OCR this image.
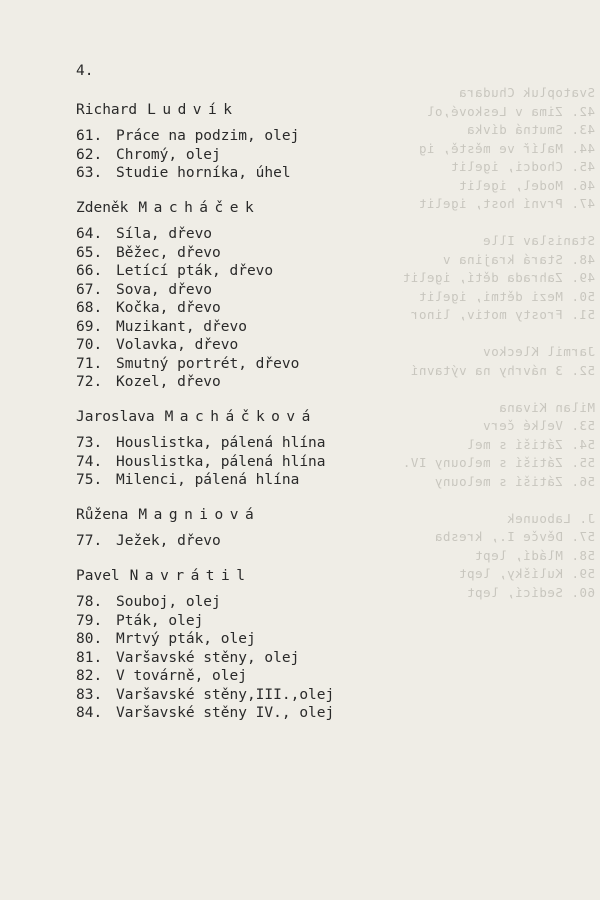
Svatopluk Chudara
42. Zima v Leskové,ol
43. Smutná dívka
44. Malíř ve městě, ig
45. Chodci, igelit
46. Model, igelit
47. První host, igelit

Stanislav Ille
48. Stará krajina v
49. Zahrada dětí, igelit
50. Mezi dětmi, igelit
51. Frosty motiv, linor

Jarmil Kleckov
52. 3 návrhy na výtavní

Milan Kivana
53. Velké červ
54. Zátiší s mel
55. Zátiší s melouny IV.
56. Zátiší s melouny

J. Labounek
57. Děvče I., kresba
58. Mládí, lept
59. Kulíšky, lept
60. Sedící, lept
4.

Richard Ludvík

61. Práce na podzim, olej
62. Chromý, olej
63. Studie horníka, úhel

Zdeněk Macháček

64. Síla, dřevo
65. Běžec, dřevo
66. Letící pták, dřevo
67. Sova, dřevo
68. Kočka, dřevo
69. Muzikant, dřevo
70. Volavka, dřevo
71. Smutný portrét, dřevo
72. Kozel, dřevo

Jaroslava Macháčková

73. Houslistka, pálená hlína
74. Houslistka, pálená hlína
75. Milenci, pálená hlína

Růžena Magniová

77. Ježek, dřevo

Pavel Navrátil

78. Souboj, olej
79. Pták, olej
80. Mrtvý pták, olej
81. Varšavské stěny, olej
82. V továrně, olej
83. Varšavské stěny,III.,olej
84. Varšavské stěny IV., olej
